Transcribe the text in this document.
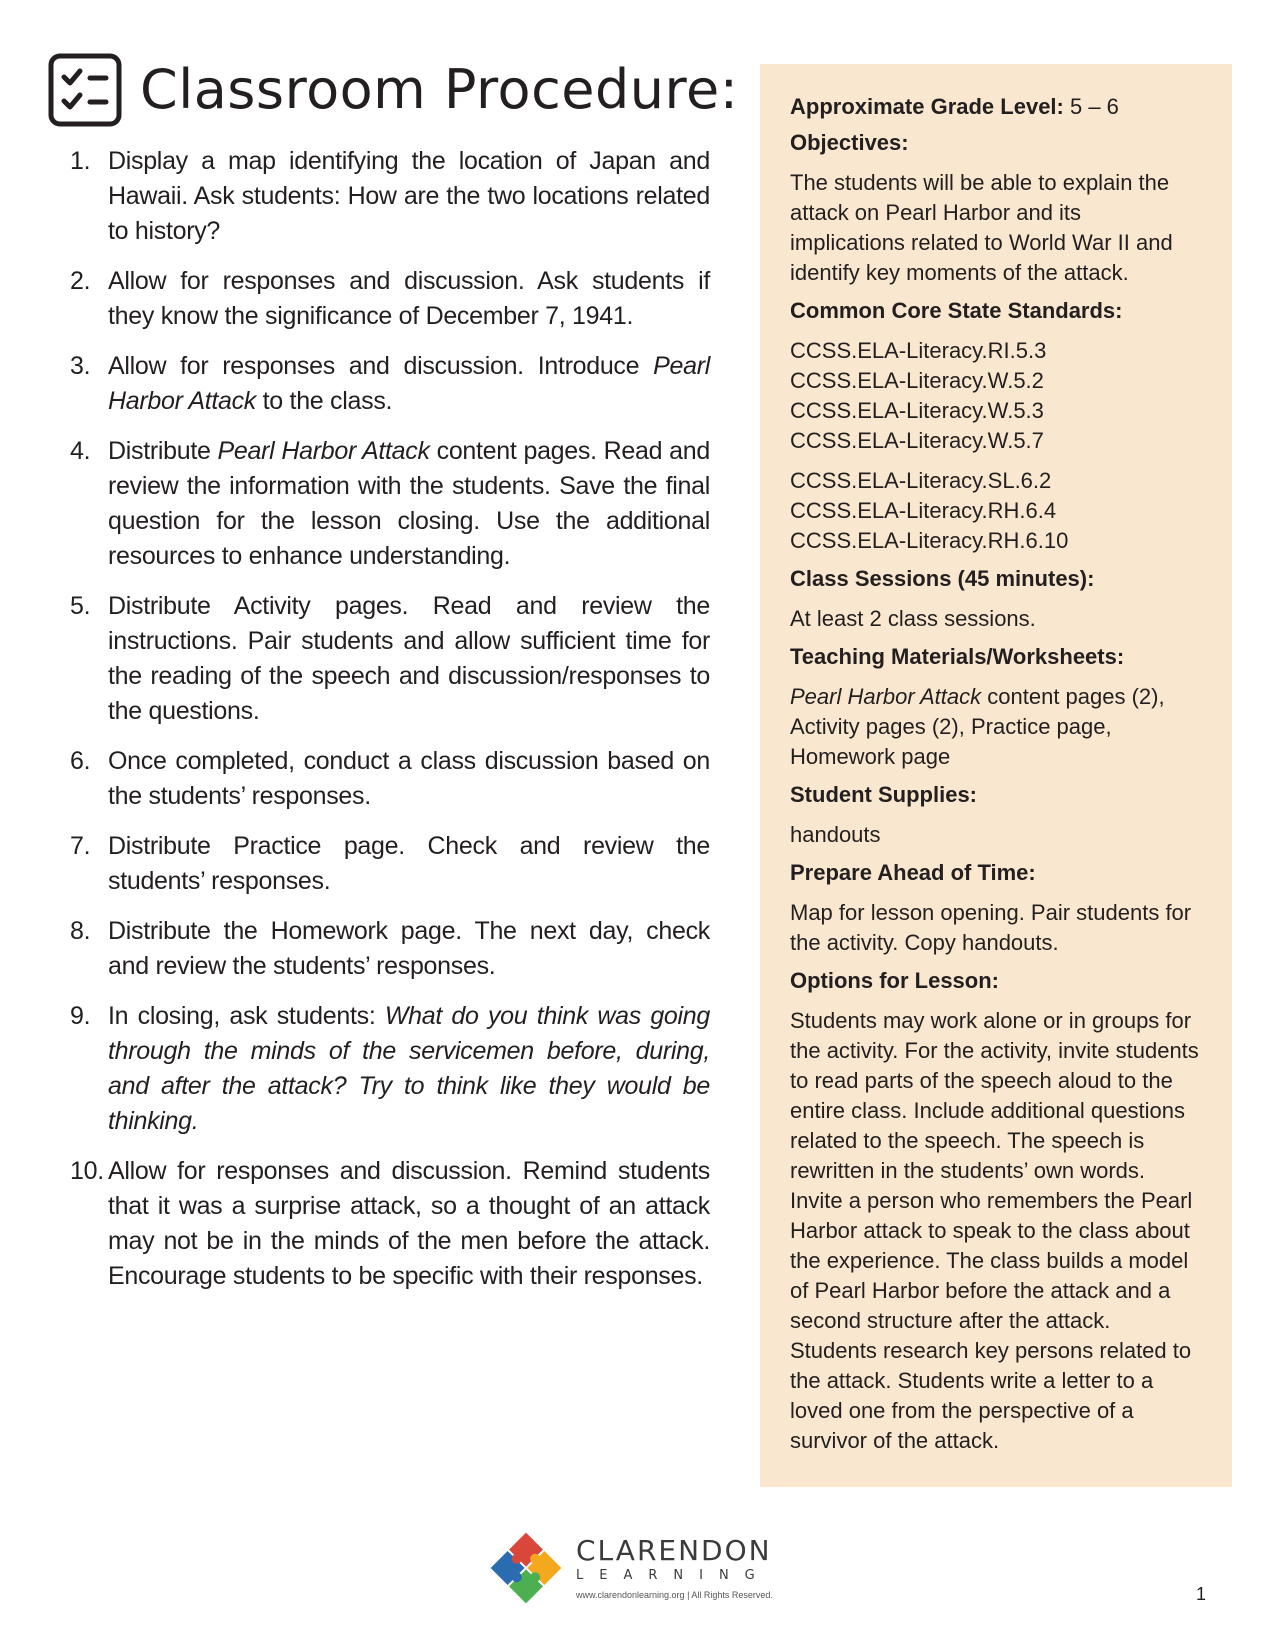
Classroom Procedure:
1. Display a map identifying the location of Japan and Hawaii. Ask students: How are the two locations related to history?
2. Allow for responses and discussion. Ask students if they know the significance of December 7, 1941.
3. Allow for responses and discussion. Introduce Pearl Harbor Attack to the class.
4. Distribute Pearl Harbor Attack content pages. Read and review the information with the students. Save the final question for the lesson closing. Use the additional resources to enhance understanding.
5. Distribute Activity pages. Read and review the instructions. Pair students and allow sufficient time for the reading of the speech and discussion/responses to the questions.
6. Once completed, conduct a class discussion based on the students’ responses.
7. Distribute Practice page. Check and review the students’ responses.
8. Distribute the Homework page. The next day, check and review the students’ responses.
9. In closing, ask students: What do you think was going through the minds of the servicemen before, during, and after the attack? Try to think like they would be thinking.
10. Allow for responses and discussion. Remind students that it was a surprise attack, so a thought of an attack may not be in the minds of the men before the attack. Encourage students to be specific with their responses.
Approximate Grade Level: 5 – 6
Objectives:
The students will be able to explain the attack on Pearl Harbor and its implications related to World War II and identify key moments of the attack.
Common Core State Standards:
CCSS.ELA-Literacy.RI.5.3
CCSS.ELA-Literacy.W.5.2
CCSS.ELA-Literacy.W.5.3
CCSS.ELA-Literacy.W.5.7
CCSS.ELA-Literacy.SL.6.2
CCSS.ELA-Literacy.RH.6.4
CCSS.ELA-Literacy.RH.6.10
Class Sessions (45 minutes):
At least 2 class sessions.
Teaching Materials/Worksheets:
Pearl Harbor Attack content pages (2), Activity pages (2), Practice page, Homework page
Student Supplies:
handouts
Prepare Ahead of Time:
Map for lesson opening. Pair students for the activity. Copy handouts.
Options for Lesson:
Students may work alone or in groups for the activity. For the activity, invite students to read parts of the speech aloud to the entire class. Include additional questions related to the speech. The speech is rewritten in the students’ own words. Invite a person who remembers the Pearl Harbor attack to speak to the class about the experience. The class builds a model of Pearl Harbor before the attack and a second structure after the attack. Students research key persons related to the attack. Students write a letter to a loved one from the perspective of a survivor of the attack.
CLARENDON
LEARNING
www.clarendonlearning.org | All Rights Reserved.	1
